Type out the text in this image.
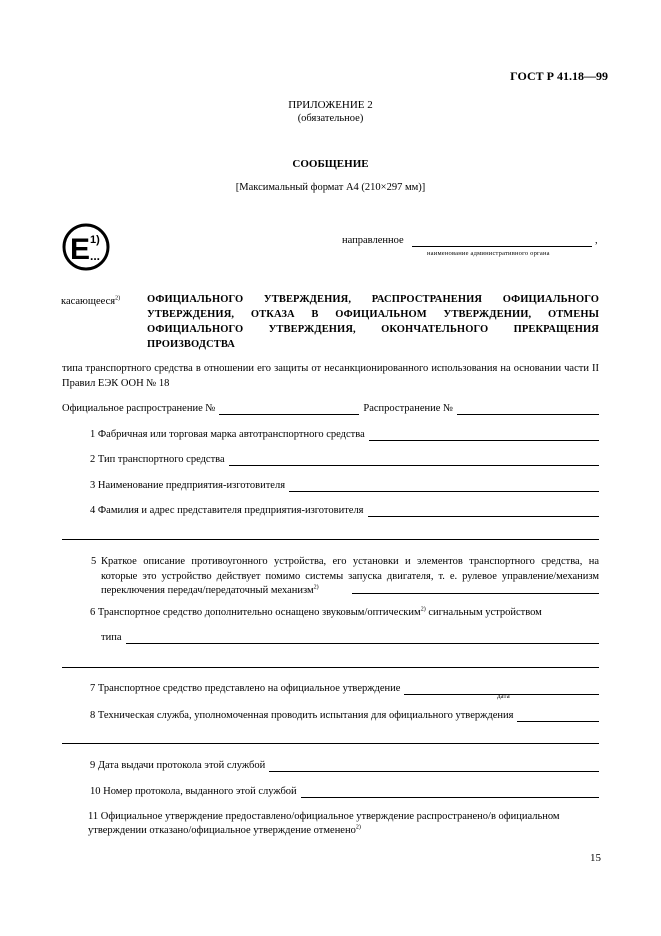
ГОСТ Р 41.18—99
ПРИЛОЖЕНИЕ 2
(обязательное)
СООБЩЕНИЕ
[Максимальный формат А4 (210×297 мм)]
E 1)
...
направленное	,
наименование административного органа
касающееся$^{2)}$	ОФИЦИАЛЬНОГО УТВЕРЖДЕНИЯ, РАСПРОСТРАНЕНИЯ ОФИЦИАЛЬНОГО УТВЕРЖДЕНИЯ, ОТКАЗА В ОФИЦИАЛЬНОМ УТВЕРЖДЕНИИ, ОТМЕНЫ ОФИЦИАЛЬНОГО УТВЕРЖДЕНИЯ, ОКОНЧАТЕЛЬНОГО ПРЕКРАЩЕНИЯ ПРОИЗВОДСТВА
типа транспортного средства в отношении его защиты от несанкционированного использования на основании части II Правил ЕЭК ООН № 18
Официальное распространение №	Распространение №
1 Фабричная или торговая марка автотранспортного средства
2 Тип транспортного средства
3 Наименование предприятия-изготовителя
4 Фамилия и адрес представителя предприятия-изготовителя
5 Краткое описание противоугонного устройства, его установки и элементов транспортного средства, на которые это устройство действует помимо системы запуска двигателя, т. е. рулевое управление/механизм переключения передач/передаточный механизм$^{2)}$
6 Транспортное средство дополнительно оснащено звуковым/оптическим$^{2)}$ сигнальным устройством
типа
7 Транспортное средство представлено на официальное утверждение
дата
8 Техническая служба, уполномоченная проводить испытания для официального утверждения
9 Дата выдачи протокола этой службой
10 Номер протокола, выданного этой службой
11 Официальное утверждение предоставлено/официальное утверждение распространено/в официальном утверждении отказано/официальное утверждение отменено$^{2)}$
15
